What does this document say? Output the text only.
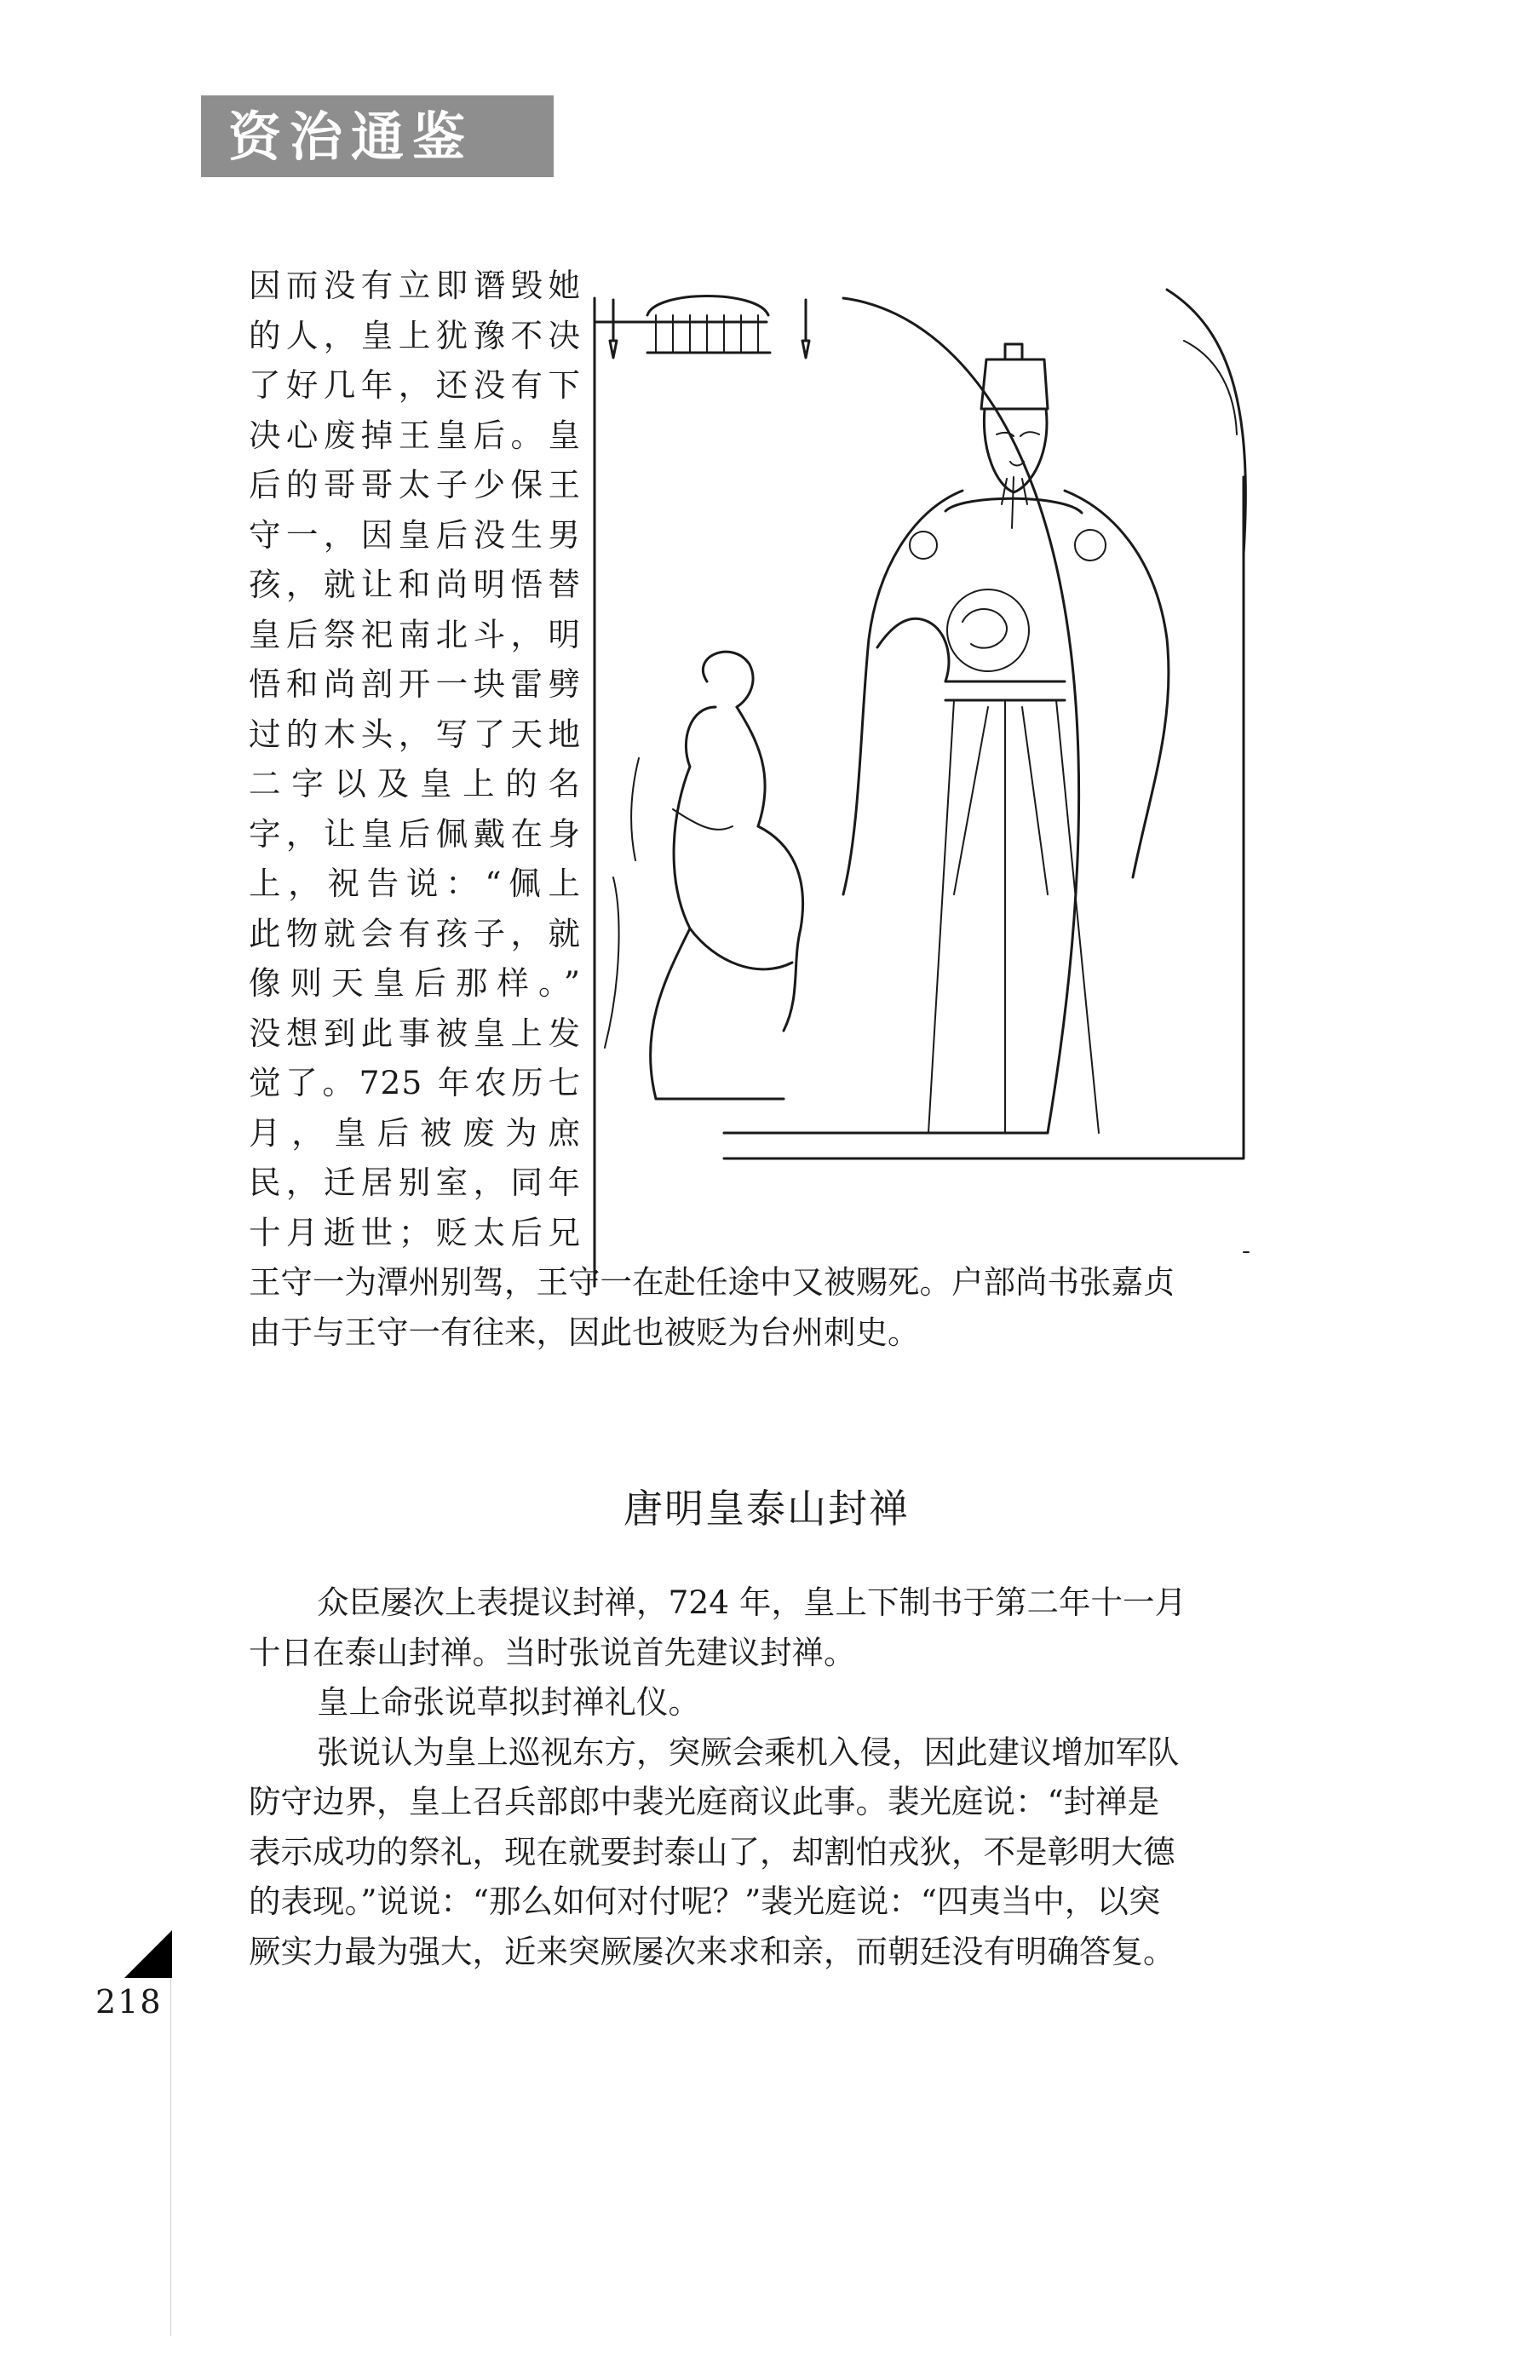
资治通鉴
因而没有立即谮毁她
的人，皇上犹豫不决
了好几年，还没有下
决心废掉王皇后。皇
后的哥哥太子少保王
守一，因皇后没生男
孩，就让和尚明悟替
皇后祭祀南北斗，明
悟和尚剖开一块雷劈
过的木头，写了天地
二字以及皇上的名
字，让皇后佩戴在身
上，祝告说：“佩上
此物就会有孩子，就
像则天皇后那样。”
没想到此事被皇上发
觉了。725 年农历七
月，皇后被废为庶
民，迁居别室，同年
十月逝世；贬太后兄
王守一为潭州别驾，王守一在赴任途中又被赐死。户部尚书张嘉贞
由于与王守一有往来，因此也被贬为台州刺史。
唐明皇泰山封禅
众臣屡次上表提议封禅，724 年，皇上下制书于第二年十一月
十日在泰山封禅。当时张说首先建议封禅。
皇上命张说草拟封禅礼仪。
张说认为皇上巡视东方，突厥会乘机入侵，因此建议增加军队
防守边界，皇上召兵部郎中裴光庭商议此事。裴光庭说：“封禅是
表示成功的祭礼，现在就要封泰山了，却割怕戎狄，不是彰明大德
的表现。”说说：“那么如何对付呢？”裴光庭说：“四夷当中，以突
厥实力最为强大，近来突厥屡次来求和亲，而朝廷没有明确答复。
218
